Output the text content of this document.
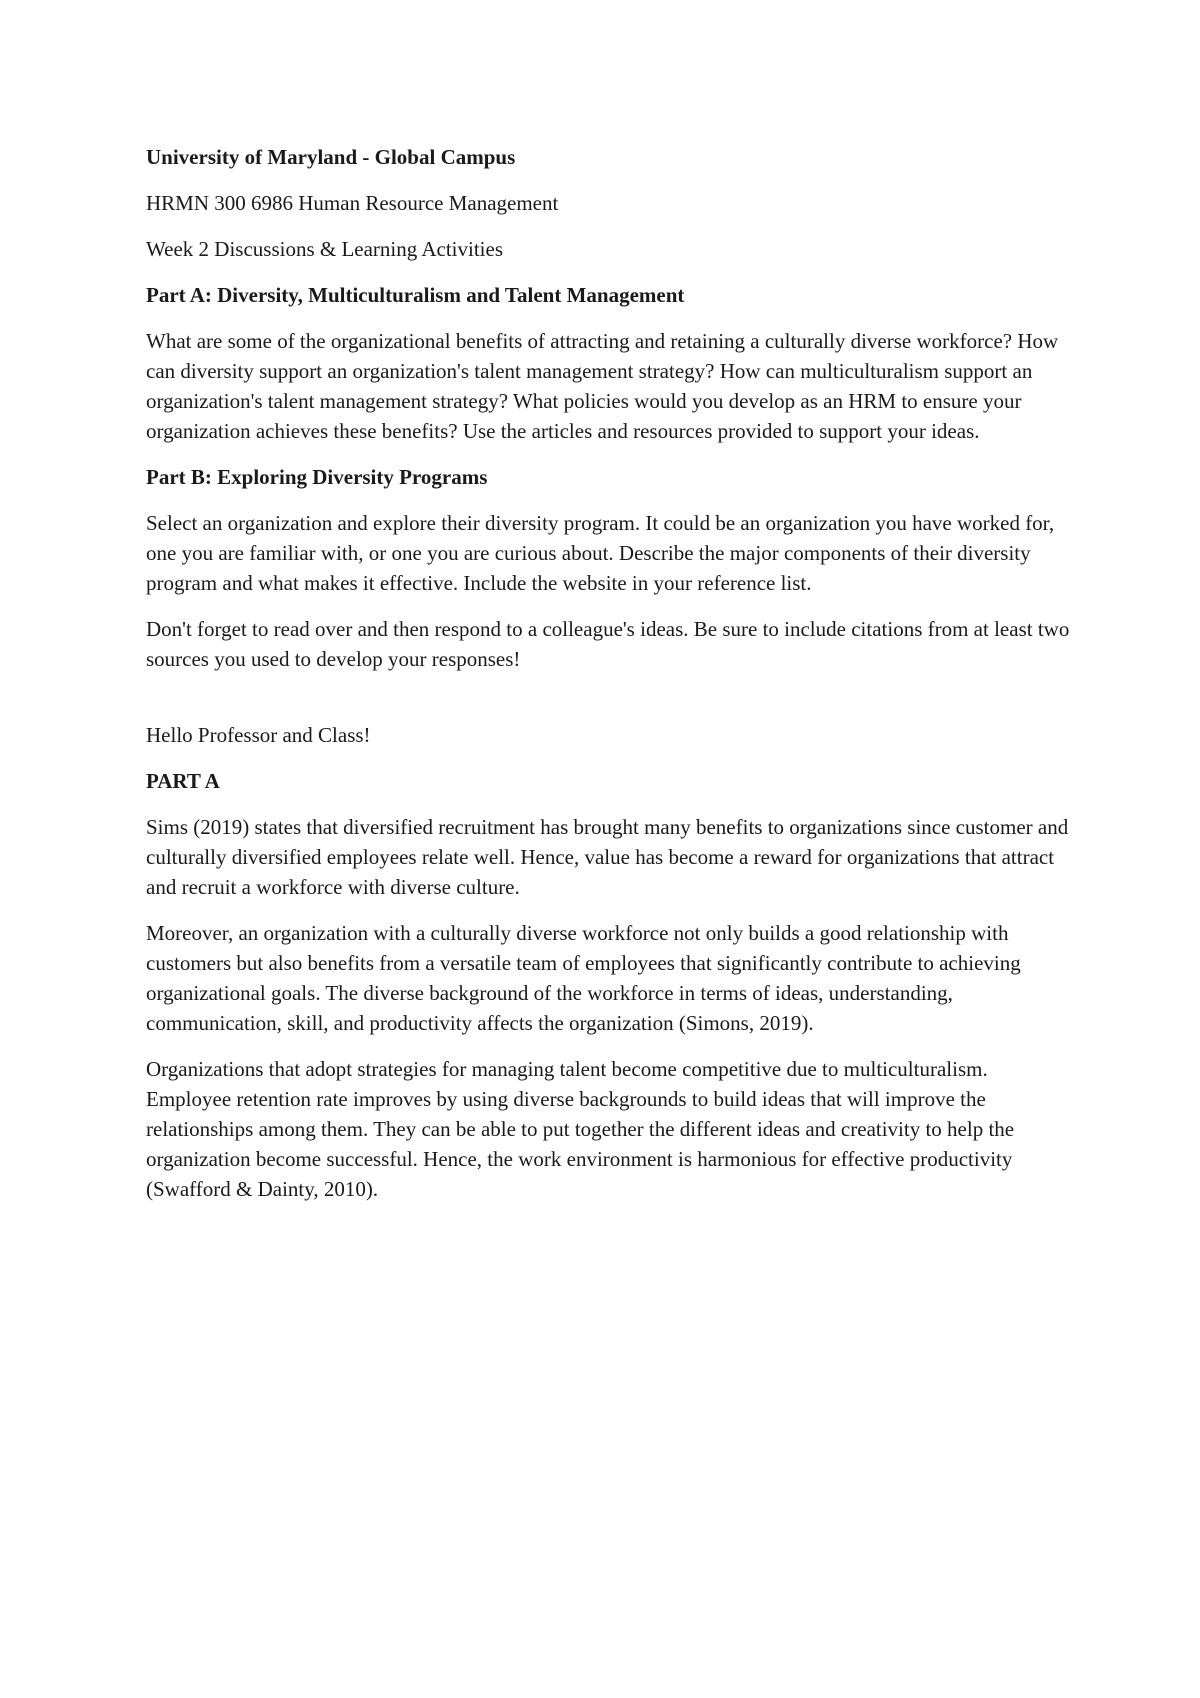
University of Maryland - Global Campus

HRMN 300 6986 Human Resource Management

Week 2 Discussions & Learning Activities

Part A: Diversity, Multiculturalism and Talent Management

What are some of the organizational benefits of attracting and retaining a culturally diverse workforce? How can diversity support an organization's talent management strategy? How can multiculturalism support an organization's talent management strategy? What policies would you develop as an HRM to ensure your organization achieves these benefits? Use the articles and resources provided to support your ideas.

Part B: Exploring Diversity Programs

Select an organization and explore their diversity program. It could be an organization you have worked for, one you are familiar with, or one you are curious about. Describe the major components of their diversity program and what makes it effective. Include the website in your reference list.

Don't forget to read over and then respond to a colleague's ideas. Be sure to include citations from at least two sources you used to develop your responses!

Hello Professor and Class!

PART A

Sims (2019) states that diversified recruitment has brought many benefits to organizations since customer and culturally diversified employees relate well. Hence, value has become a reward for organizations that attract and recruit a workforce with diverse culture.

Moreover, an organization with a culturally diverse workforce not only builds a good relationship with customers but also benefits from a versatile team of employees that significantly contribute to achieving organizational goals. The diverse background of the workforce in terms of ideas, understanding, communication, skill, and productivity affects the organization (Simons, 2019).

Organizations that adopt strategies for managing talent become competitive due to multiculturalism. Employee retention rate improves by using diverse backgrounds to build ideas that will improve the relationships among them. They can be able to put together the different ideas and creativity to help the organization become successful. Hence, the work environment is harmonious for effective productivity (Swafford & Dainty, 2010).
